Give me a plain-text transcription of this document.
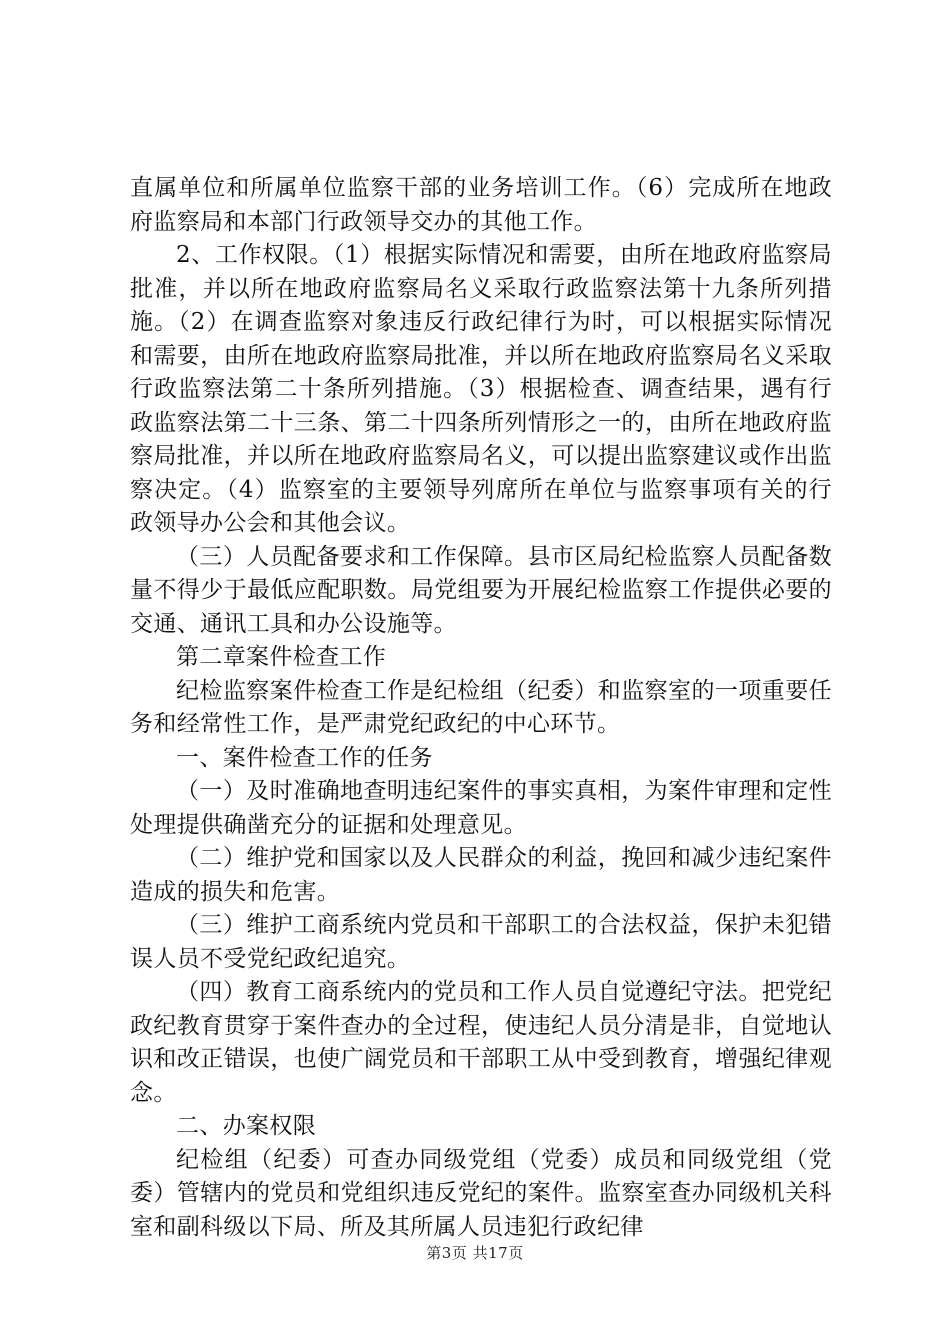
直属单位和所属单位监察干部的业务培训工作。（6）完成所在地政府监察局和本部门行政领导交办的其他工作。

2、工作权限。（1）根据实际情况和需要，由所在地政府监察局批准，并以所在地政府监察局名义采取行政监察法第十九条所列措施。（2）在调查监察对象违反行政纪律行为时，可以根据实际情况和需要，由所在地政府监察局批准，并以所在地政府监察局名义采取行政监察法第二十条所列措施。（3）根据检查、调查结果，遇有行政监察法第二十三条、第二十四条所列情形之一的，由所在地政府监察局批准，并以所在地政府监察局名义，可以提出监察建议或作出监察决定。（4）监察室的主要领导列席所在单位与监察事项有关的行政领导办公会和其他会议。

（三）人员配备要求和工作保障。县市区局纪检监察人员配备数量不得少于最低应配职数。局党组要为开展纪检监察工作提供必要的交通、通讯工具和办公设施等。

第二章案件检查工作

纪检监察案件检查工作是纪检组（纪委）和监察室的一项重要任务和经常性工作，是严肃党纪政纪的中心环节。

一、案件检查工作的任务

（一）及时准确地查明违纪案件的事实真相，为案件审理和定性处理提供确凿充分的证据和处理意见。

（二）维护党和国家以及人民群众的利益，挽回和减少违纪案件造成的损失和危害。

（三）维护工商系统内党员和干部职工的合法权益，保护未犯错误人员不受党纪政纪追究。

（四）教育工商系统内的党员和工作人员自觉遵纪守法。把党纪政纪教育贯穿于案件查办的全过程，使违纪人员分清是非，自觉地认识和改正错误，也使广阔党员和干部职工从中受到教育，增强纪律观念。

二、办案权限

纪检组（纪委）可查办同级党组（党委）成员和同级党组（党委）管辖内的党员和党组织违反党纪的案件。监察室查办同级机关科室和副科级以下局、所及其所属人员违犯行政纪律

第3页 共17页
